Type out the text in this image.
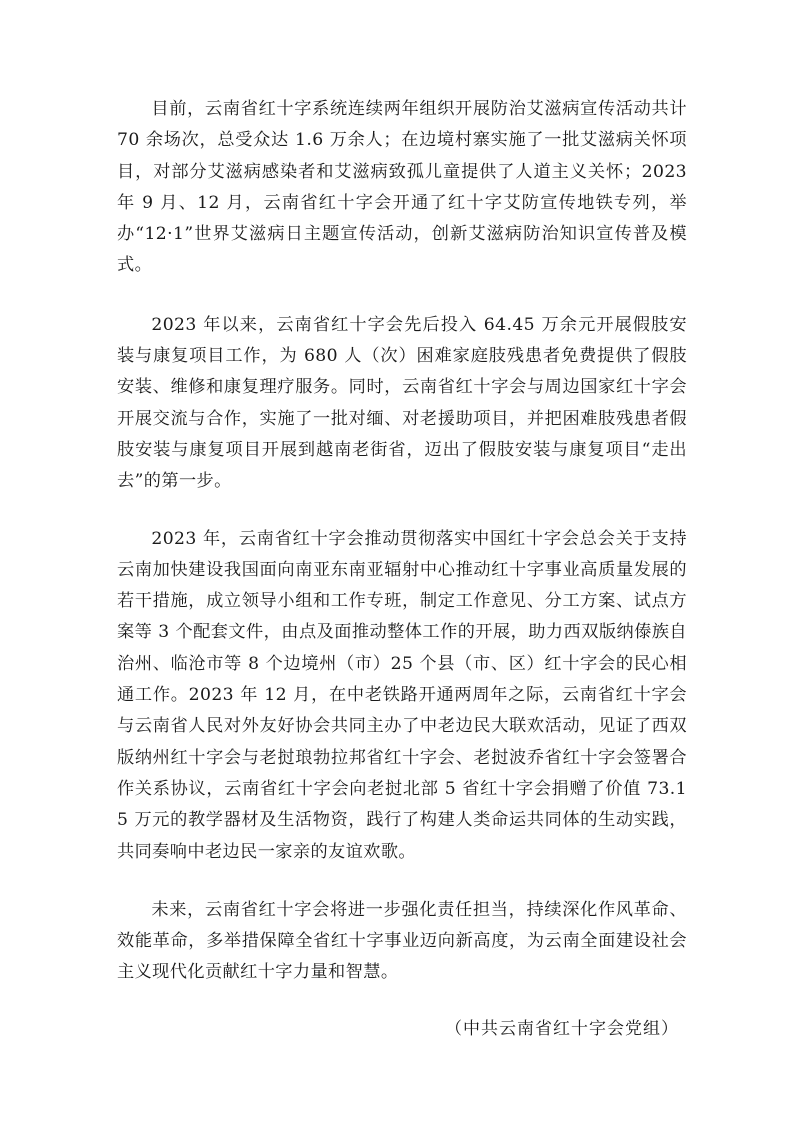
目前，云南省红十字系统连续两年组织开展防治艾滋病宣传活动共计 70 余场次，总受众达 1.6 万余人；在边境村寨实施了一批艾滋病关怀项目，对部分艾滋病感染者和艾滋病致孤儿童提供了人道主义关怀；2023 年 9 月、12 月，云南省红十字会开通了红十字艾防宣传地铁专列，举办“12·1”世界艾滋病日主题宣传活动，创新艾滋病防治知识宣传普及模式。

2023 年以来，云南省红十字会先后投入 64.45 万余元开展假肢安装与康复项目工作，为 680 人（次）困难家庭肢残患者免费提供了假肢安装、维修和康复理疗服务。同时，云南省红十字会与周边国家红十字会开展交流与合作，实施了一批对缅、对老援助项目，并把困难肢残患者假肢安装与康复项目开展到越南老街省，迈出了假肢安装与康复项目“走出去”的第一步。

2023 年，云南省红十字会推动贯彻落实中国红十字会总会关于支持云南加快建设我国面向南亚东南亚辐射中心推动红十字事业高质量发展的若干措施，成立领导小组和工作专班，制定工作意见、分工方案、试点方案等 3 个配套文件，由点及面推动整体工作的开展，助力西双版纳傣族自治州、临沧市等 8 个边境州（市）25 个县（市、区）红十字会的民心相通工作。2023 年 12 月，在中老铁路开通两周年之际，云南省红十字会与云南省人民对外友好协会共同主办了中老边民大联欢活动，见证了西双版纳州红十字会与老挝琅勃拉邦省红十字会、老挝波乔省红十字会签署合作关系协议，云南省红十字会向老挝北部 5 省红十字会捐赠了价值 73.15 万元的教学器材及生活物资，践行了构建人类命运共同体的生动实践，共同奏响中老边民一家亲的友谊欢歌。

未来，云南省红十字会将进一步强化责任担当，持续深化作风革命、效能革命，多举措保障全省红十字事业迈向新高度，为云南全面建设社会主义现代化贡献红十字力量和智慧。

（中共云南省红十字会党组）
